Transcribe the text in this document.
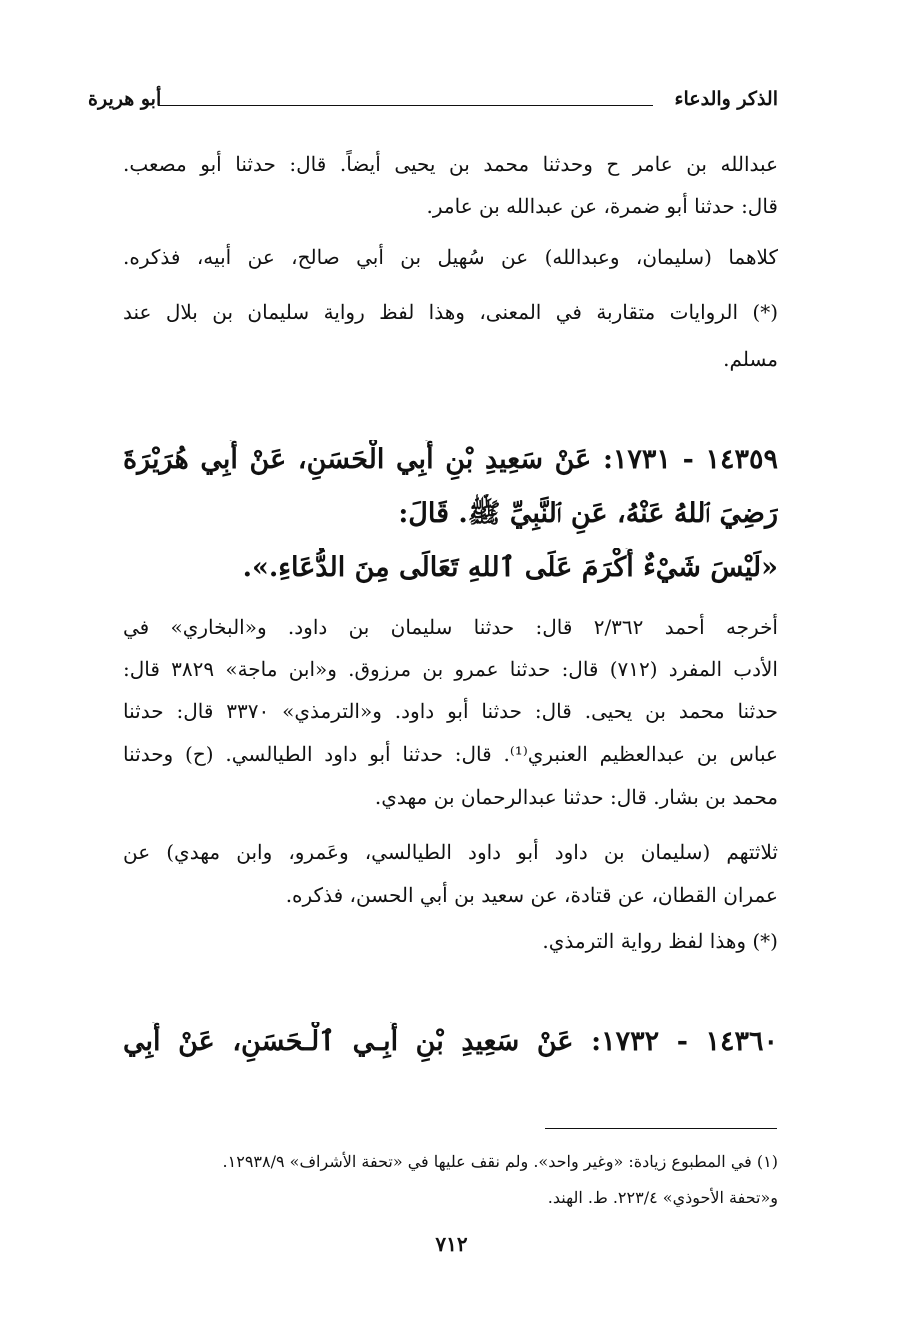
الذكر والدعاء
أبو هريرة
عبدالله بن عامر ح وحدثنا محمد بن يحيى أيضاً. قال: حدثنا أبو مصعب.
قال: حدثنا أبو ضمرة، عن عبدالله بن عامر.
كلاهما (سليمان، وعبدالله) عن سُهيل بن أبي صالح، عن أبيه، فذكره.
(*) الروايات متقاربة في المعنى، وهذا لفظ رواية سليمان بن بلال عند
مسلم.
١٤٣٥٩ - ١٧٣١: عَنْ سَعِيدِ بْنِ أَبِي الْحَسَنِ، عَنْ أَبِي هُرَيْرَةَ
رَضِيَ ٱللهُ عَنْهُ، عَنِ ٱلنَّبِيِّ ﷺ. قَالَ:
«لَيْسَ شَيْءٌ أَكْرَمَ عَلَى ٱللهِ تَعَالَى مِنَ الدُّعَاءِ.».
أخرجه أحمد ٢/٣٦٢ قال: حدثنا سليمان بن داود. و«البخاري» في
الأدب المفرد (٧١٢) قال: حدثنا عمرو بن مرزوق. و«ابن ماجة» ٣٨٢٩ قال:
حدثنا محمد بن يحيى. قال: حدثنا أبو داود. و«الترمذي» ٣٣٧٠ قال: حدثنا
عباس بن عبدالعظيم العنبري⁽¹⁾. قال: حدثنا أبو داود الطيالسي. (ح) وحدثنا
محمد بن بشار. قال: حدثنا عبدالرحمان بن مهدي.
ثلاثتهم (سليمان بن داود أبو داود الطيالسي، وعَمرو، وابن مهدي) عن
عمران القطان، عن قتادة، عن سعيد بن أبي الحسن، فذكره.
(*) وهذا لفظ رواية الترمذي.
١٤٣٦٠ - ١٧٣٢: عَنْ سَعِيدِ بْنِ أَبِـي ٱلْـحَسَنِ، عَنْ أَبِي
(١) في المطبوع زيادة: «وغير واحد». ولم نقف عليها في «تحفة الأشراف» ١٢٩٣٨/٩.
و«تحفة الأحوذي» ٢٢٣/٤. ط. الهند.
٧١٢
